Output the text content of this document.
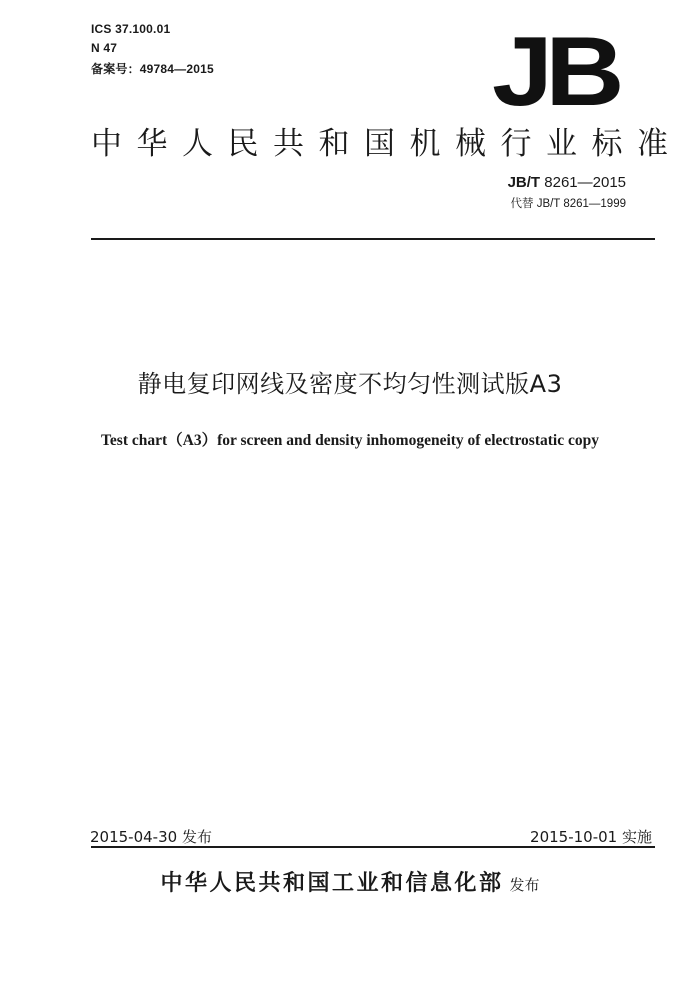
ICS 37.100.01
N 47
备案号：49784—2015	JB
中华人民共和国机械行业标准
JB/T 8261—2015
代替 JB/T 8261—1999
静电复印网线及密度不均匀性测试版A3
Test chart（A3）for screen and density inhomogeneity of electrostatic copy
2015-04-30 发布	2015-10-01 实施
中华人民共和国工业和信息化部 发布
